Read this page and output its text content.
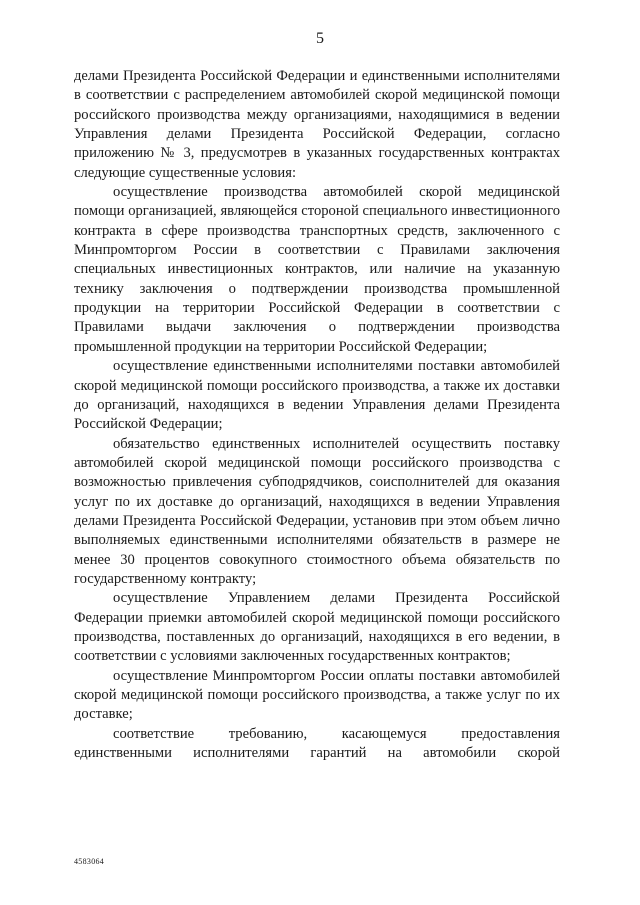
5

делами Президента Российской Федерации и единственными исполнителями в соответствии с распределением автомобилей скорой медицинской помощи российского производства между организациями, находящимися в ведении Управления делами Президента Российской Федерации, согласно приложению № 3, предусмотрев в указанных государственных контрактах следующие существенные условия:

осуществление производства автомобилей скорой медицинской помощи организацией, являющейся стороной специального инвестиционного контракта в сфере производства транспортных средств, заключенного с Минпромторгом России в соответствии с Правилами заключения специальных инвестиционных контрактов, или наличие на указанную технику заключения о подтверждении производства промышленной продукции на территории Российской Федерации в соответствии с Правилами выдачи заключения о подтверждении производства промышленной продукции на территории Российской Федерации;

осуществление единственными исполнителями поставки автомобилей скорой медицинской помощи российского производства, а также их доставки до организаций, находящихся в ведении Управления делами Президента Российской Федерации;

обязательство единственных исполнителей осуществить поставку автомобилей скорой медицинской помощи российского производства с возможностью привлечения субподрядчиков, соисполнителей для оказания услуг по их доставке до организаций, находящихся в ведении Управления делами Президента Российской Федерации, установив при этом объем лично выполняемых единственными исполнителями обязательств в размере не менее 30 процентов совокупного стоимостного объема обязательств по государственному контракту;

осуществление Управлением делами Президента Российской Федерации приемки автомобилей скорой медицинской помощи российского производства, поставленных до организаций, находящихся в его ведении, в соответствии с условиями заключенных государственных контрактов;

осуществление Минпромторгом России оплаты поставки автомобилей скорой медицинской помощи российского производства, а также услуг по их доставке;

соответствие требованию, касающемуся предоставления единственными исполнителями гарантий на автомобили скорой

4583064
